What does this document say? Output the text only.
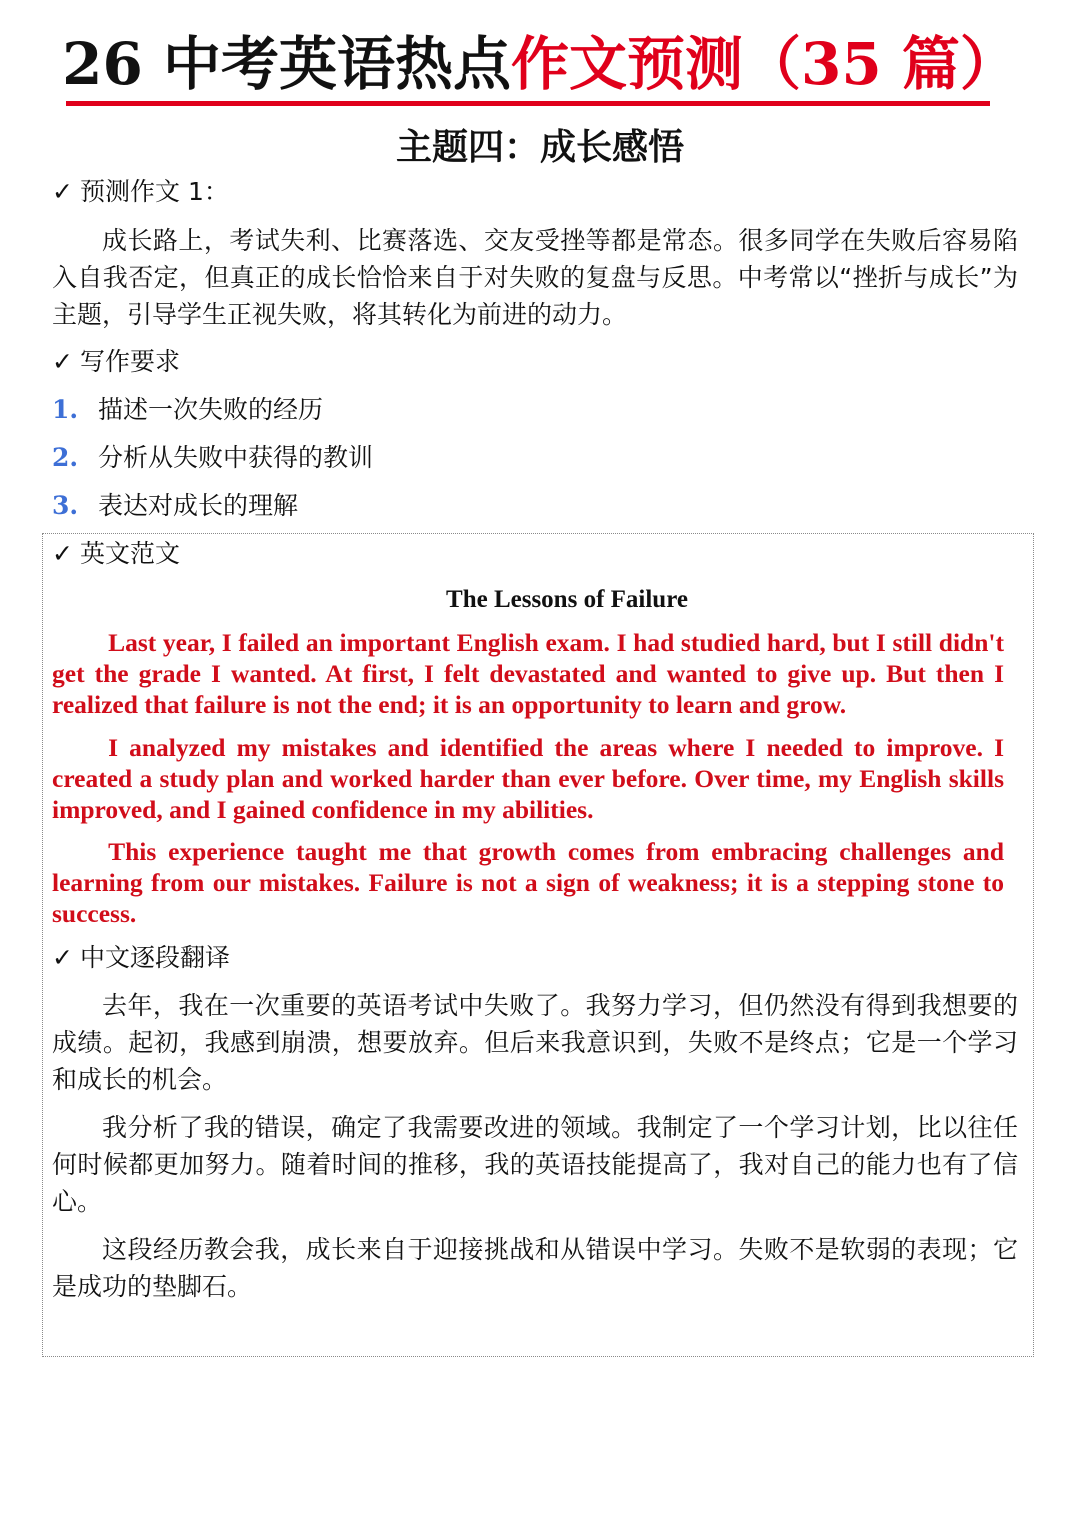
26 中考英语热点作文预测（35 篇）
主题四：成长感悟
✓ 预测作文 1：

成长路上，考试失利、比赛落选、交友受挫等都是常态。很多同学在失败后容易陷入自我否定，但真正的成长恰恰来自于对失败的复盘与反思。中考常以“挫折与成长”为主题，引导学生正视失败，将其转化为前进的动力。

✓ 写作要求
1. 描述一次失败的经历
2. 分析从失败中获得的教训
3. 表达对成长的理解
✓ 英文范文
The Lessons of Failure

Last year, I failed an important English exam. I had studied hard, but I still didn't get the grade I wanted. At first, I felt devastated and wanted to give up. But then I realized that failure is not the end; it is an opportunity to learn and grow.

I analyzed my mistakes and identified the areas where I needed to improve. I created a study plan and worked harder than ever before. Over time, my English skills improved, and I gained confidence in my abilities.

This experience taught me that growth comes from embracing challenges and learning from our mistakes. Failure is not a sign of weakness; it is a stepping stone to success.

✓ 中文逐段翻译

去年，我在一次重要的英语考试中失败了。我努力学习，但仍然没有得到我想要的成绩。起初，我感到崩溃，想要放弃。但后来我意识到，失败不是终点；它是一个学习和成长的机会。

我分析了我的错误，确定了我需要改进的领域。我制定了一个学习计划，比以往任何时候都更加努力。随着时间的推移，我的英语技能提高了，我对自己的能力也有了信心。

这段经历教会我，成长来自于迎接挑战和从错误中学习。失败不是软弱的表现；它是成功的垫脚石。
